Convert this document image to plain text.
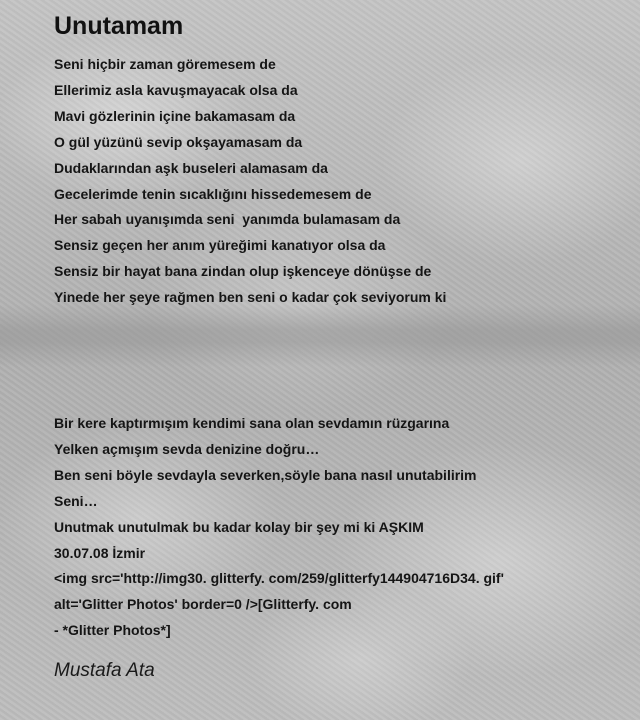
Unutamam
Seni hiçbir zaman göremesem de
Ellerimiz asla kavuşmayacak olsa da
Mavi gözlerinin içine bakamasam da
O gül yüzünü sevip okşayamasam da
Dudaklarından aşk buseleri alamasam da
Gecelerimde tenin sıcaklığını hissedemesem de
Her sabah uyanışımda seni  yanımda bulamasam da
Sensiz geçen her anım yüreğimi kanatıyor olsa da
Sensiz bir hayat bana zindan olup işkenceye dönüşse de
Yinede her şeye rağmen ben seni o kadar çok seviyorum ki
Bir kere kaptırmışım kendimi sana olan sevdamın rüzgarına
Yelken açmışım sevda denizine doğru…
Ben seni böyle sevdayla severken,söyle bana nasıl unutabilirim
Seni…
Unutmak unutulmak bu kadar kolay bir şey mi ki AŞKIM
30.07.08 İzmir
<img src='http://img30. glitterfy. com/259/glitterfy144904716D34. gif'
alt='Glitter Photos' border=0 />[Glitterfy. com
- *Glitter Photos*]

Mustafa Ata
